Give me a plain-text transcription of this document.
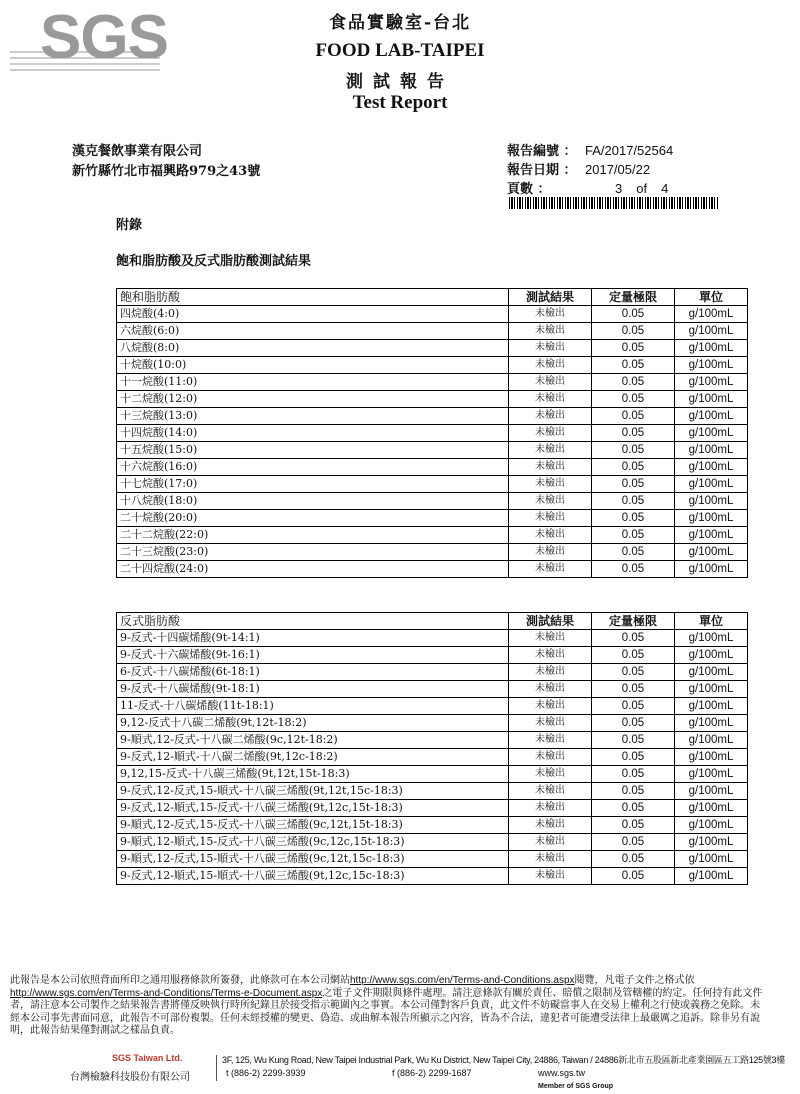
SGS	食品實驗室-台北
FOOD LAB-TAIPEI
測試報告
Test Report
漢克餐飲事業有限公司
新竹縣竹北市福興路979之43號
報告編號 ： FA/2017/52564
報告日期 ： 2017/05/22
頁數 ：	3 of 4
附錄
飽和脂肪酸及反式脂肪酸測試結果
飽和脂肪酸	測試結果	定量極限	單位
四烷酸(4:0)	未檢出	0.05	g/100mL
六烷酸(6:0)	未檢出	0.05	g/100mL
八烷酸(8:0)	未檢出	0.05	g/100mL
十烷酸(10:0)	未檢出	0.05	g/100mL
十一烷酸(11:0)	未檢出	0.05	g/100mL
十二烷酸(12:0)	未檢出	0.05	g/100mL
十三烷酸(13:0)	未檢出	0.05	g/100mL
十四烷酸(14:0)	未檢出	0.05	g/100mL
十五烷酸(15:0)	未檢出	0.05	g/100mL
十六烷酸(16:0)	未檢出	0.05	g/100mL
十七烷酸(17:0)	未檢出	0.05	g/100mL
十八烷酸(18:0)	未檢出	0.05	g/100mL
二十烷酸(20:0)	未檢出	0.05	g/100mL
二十二烷酸(22:0)	未檢出	0.05	g/100mL
二十三烷酸(23:0)	未檢出	0.05	g/100mL
二十四烷酸(24:0)	未檢出	0.05	g/100mL
反式脂肪酸	測試結果	定量極限	單位
9-反式-十四碳烯酸(9t-14:1)	未檢出	0.05	g/100mL
9-反式-十六碳烯酸(9t-16:1)	未檢出	0.05	g/100mL
6-反式-十八碳烯酸(6t-18:1)	未檢出	0.05	g/100mL
9-反式-十八碳烯酸(9t-18:1)	未檢出	0.05	g/100mL
11-反式-十八碳烯酸(11t-18:1)	未檢出	0.05	g/100mL
9,12-反式十八碳二烯酸(9t,12t-18:2)	未檢出	0.05	g/100mL
9-順式,12-反式-十八碳二烯酸(9c,12t-18:2)	未檢出	0.05	g/100mL
9-反式,12-順式-十八碳二烯酸(9t,12c-18:2)	未檢出	0.05	g/100mL
9,12,15-反式-十八碳三烯酸(9t,12t,15t-18:3)	未檢出	0.05	g/100mL
9-反式,12-反式,15-順式-十八碳三烯酸(9t,12t,15c-18:3)	未檢出	0.05	g/100mL
9-反式,12-順式,15-反式-十八碳三烯酸(9t,12c,15t-18:3)	未檢出	0.05	g/100mL
9-順式,12-反式,15-反式-十八碳三烯酸(9c,12t,15t-18:3)	未檢出	0.05	g/100mL
9-順式,12-順式,15-反式-十八碳三烯酸(9c,12c,15t-18:3)	未檢出	0.05	g/100mL
9-順式,12-反式,15-順式-十八碳三烯酸(9c,12t,15c-18:3)	未檢出	0.05	g/100mL
9-反式,12-順式,15-順式-十八碳三烯酸(9t,12c,15c-18:3)	未檢出	0.05	g/100mL
此報告是本公司依照背面所印之通用服務條款所簽發，此條款可在本公司網站http://www.sgs.com/en/Terms-and-Conditions.aspx閱覽，凡電子文件之格式依http://www.sgs.com/en/Terms-and-Conditions/Terms-e-Document.aspx之電子文件期限與條件處理。請注意條款有關於責任、賠償之限制及管轄權的約定。任何持有此文件者，請注意本公司製作之結果報告書將僅反映執行時所紀錄且於接受指示範圍內之事實。本公司僅對客戶負責，此文件不妨礙當事人在交易上權利之行使或義務之免除。未經本公司事先書面同意，此報告不可部份複製。任何未經授權的變更、偽造、或曲解本報告所顯示之內容，皆為不合法，違犯者可能遭受法律上最嚴厲之追訴。除非另有說明，此報告結果僅對測試之樣品負責。
SGS Taiwan Ltd.
台灣檢驗科技股份有限公司
3F, 125, Wu Kung Road, New Taipei Industrial Park, Wu Ku District, New Taipei City, 24886, Taiwan / 24886新北市五股區新北產業園區五工路125號3樓
t (886-2) 2299-3939	f (886-2) 2299-1687	www.sgs.tw
Member of SGS Group
